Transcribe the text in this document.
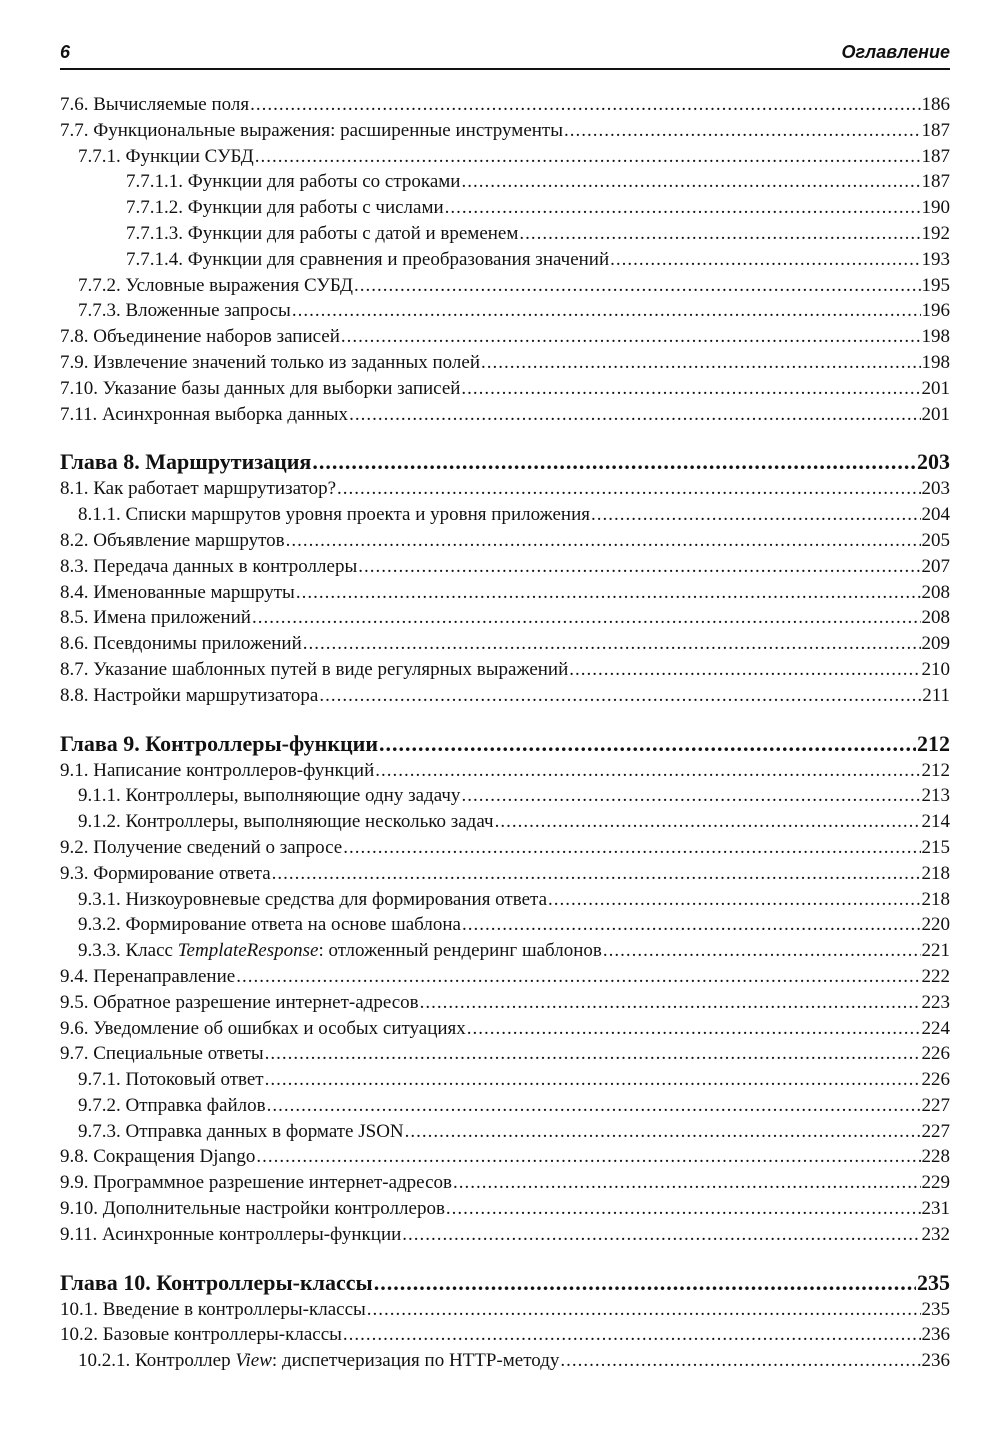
6	Оглавление
7.6. Вычисляемые поля .....	186
7.7. Функциональные выражения: расширенные инструменты .....	187
7.7.1. Функции СУБД .....	187
7.7.1.1. Функции для работы со строками .....	187
7.7.1.2. Функции для работы с числами .....	190
7.7.1.3. Функции для работы с датой и временем .....	192
7.7.1.4. Функции для сравнения и преобразования значений .....	193
7.7.2. Условные выражения СУБД .....	195
7.7.3. Вложенные запросы .....	196
7.8. Объединение наборов записей .....	198
7.9. Извлечение значений только из заданных полей .....	198
7.10. Указание базы данных для выборки записей .....	201
7.11. Асинхронная выборка данных .....	201
Глава 8. Маршрутизация .....	203
8.1. Как работает маршрутизатор? .....	203
8.1.1. Списки маршрутов уровня проекта и уровня приложения .....	204
8.2. Объявление маршрутов .....	205
8.3. Передача данных в контроллеры .....	207
8.4. Именованные маршруты .....	208
8.5. Имена приложений .....	208
8.6. Псевдонимы приложений .....	209
8.7. Указание шаблонных путей в виде регулярных выражений .....	210
8.8. Настройки маршрутизатора .....	211
Глава 9. Контроллеры-функции .....	212
9.1. Написание контроллеров-функций .....	212
9.1.1. Контроллеры, выполняющие одну задачу .....	213
9.1.2. Контроллеры, выполняющие несколько задач .....	214
9.2. Получение сведений о запросе .....	215
9.3. Формирование ответа .....	218
9.3.1. Низкоуровневые средства для формирования ответа .....	218
9.3.2. Формирование ответа на основе шаблона .....	220
9.3.3. Класс TemplateResponse: отложенный рендеринг шаблонов .....	221
9.4. Перенаправление .....	222
9.5. Обратное разрешение интернет-адресов .....	223
9.6. Уведомление об ошибках и особых ситуациях .....	224
9.7. Специальные ответы .....	226
9.7.1. Потоковый ответ .....	226
9.7.2. Отправка файлов .....	227
9.7.3. Отправка данных в формате JSON .....	227
9.8. Сокращения Django .....	228
9.9. Программное разрешение интернет-адресов .....	229
9.10. Дополнительные настройки контроллеров .....	231
9.11. Асинхронные контроллеры-функции .....	232
Глава 10. Контроллеры-классы .....	235
10.1. Введение в контроллеры-классы .....	235
10.2. Базовые контроллеры-классы .....	236
10.2.1. Контроллер View: диспетчеризация по HTTP-методу .....	236
